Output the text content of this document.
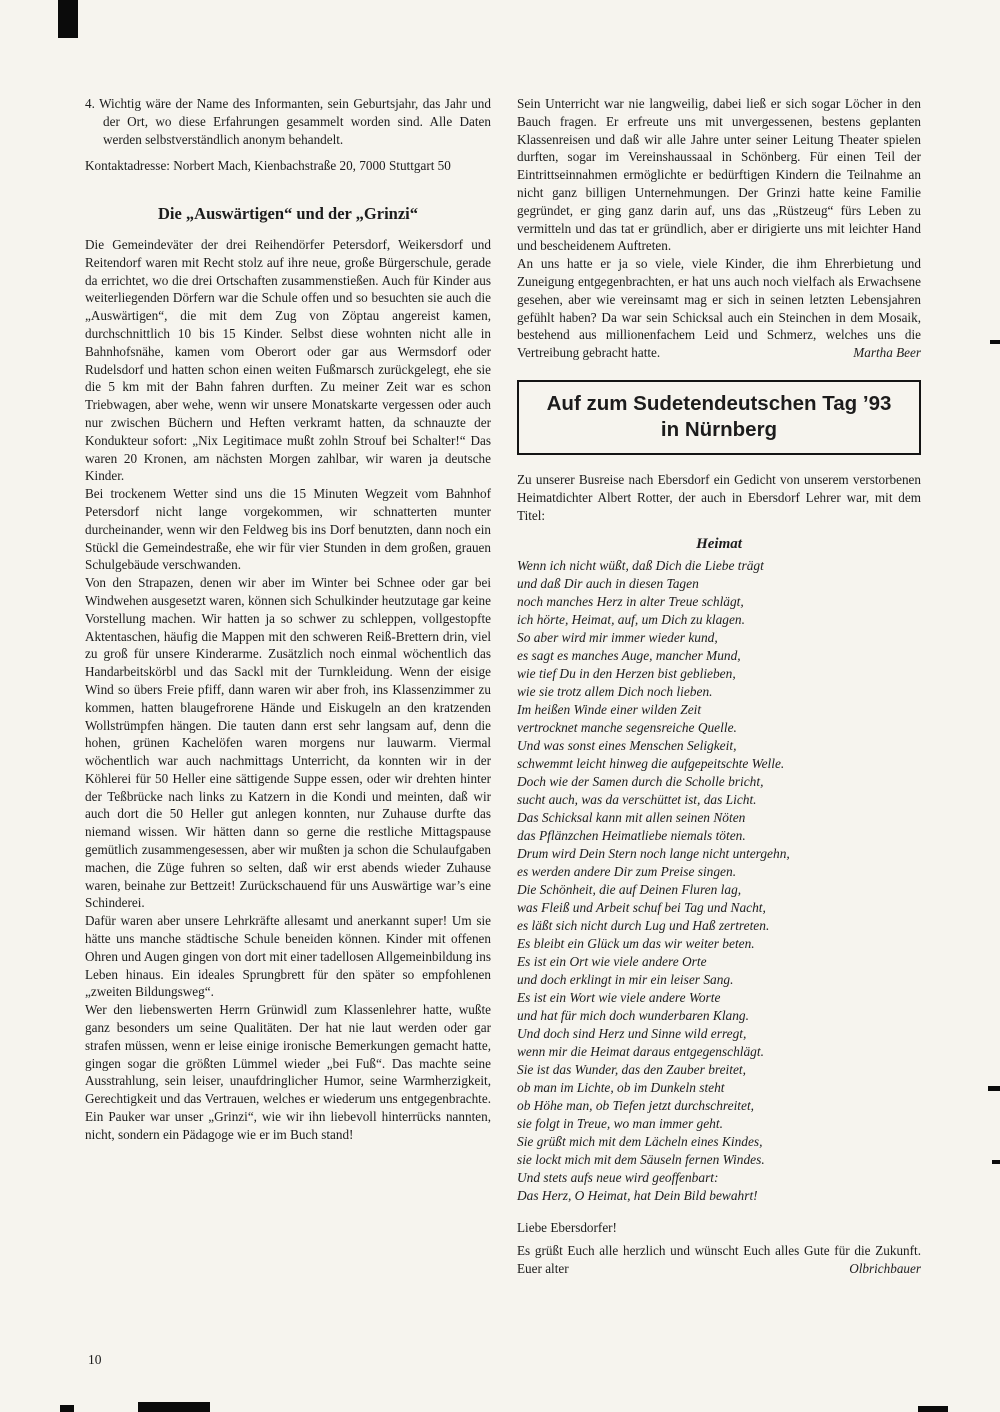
4. Wichtig wäre der Name des Informanten, sein Geburtsjahr, das Jahr und der Ort, wo diese Erfahrungen gesammelt worden sind. Alle Daten werden selbstverständlich anonym behandelt.

Kontaktadresse: Norbert Mach, Kienbachstraße 20, 7000 Stuttgart 50

Die „Auswärtigen“ und der „Grinzi“

Die Gemeindeväter der drei Reihendörfer Petersdorf, Weikersdorf und Reitendorf waren mit Recht stolz auf ihre neue, große Bürgerschule, gerade da errichtet, wo die drei Ortschaften zusammenstießen. Auch für Kinder aus weiterliegenden Dörfern war die Schule offen und so besuchten sie auch die „Auswärtigen“, die mit dem Zug von Zöptau angereist kamen, durchschnittlich 10 bis 15 Kinder. Selbst diese wohnten nicht alle in Bahnhofsnähe, kamen vom Oberort oder gar aus Wermsdorf oder Rudelsdorf und hatten schon einen weiten Fußmarsch zurückgelegt, ehe sie die 5 km mit der Bahn fahren durften. Zu meiner Zeit war es schon Triebwagen, aber wehe, wenn wir unsere Monatskarte vergessen oder auch nur zwischen Büchern und Heften verkramt hatten, da schnauzte der Kondukteur sofort: „Nix Legitimace mußt zohln Strouf bei Schalter!“ Das waren 20 Kronen, am nächsten Morgen zahlbar, wir waren ja deutsche Kinder.

Bei trockenem Wetter sind uns die 15 Minuten Wegzeit vom Bahnhof Petersdorf nicht lange vorgekommen, wir schnatterten munter durcheinander, wenn wir den Feldweg bis ins Dorf benutzten, dann noch ein Stückl die Gemeindestraße, ehe wir für vier Stunden in dem großen, grauen Schulgebäude verschwanden.

Von den Strapazen, denen wir aber im Winter bei Schnee oder gar bei Windwehen ausgesetzt waren, können sich Schulkinder heutzutage gar keine Vorstellung machen. Wir hatten ja so schwer zu schleppen, vollgestopfte Aktentaschen, häufig die Mappen mit den schweren Reiß-Brettern drin, viel zu groß für unsere Kinderarme. Zusätzlich noch einmal wöchentlich das Handarbeitskörbl und das Sackl mit der Turnkleidung. Wenn der eisige Wind so übers Freie pfiff, dann waren wir aber froh, ins Klassenzimmer zu kommen, hatten blaugefrorene Hände und Eiskugeln an den kratzenden Wollstrümpfen hängen. Die tauten dann erst sehr langsam auf, denn die hohen, grünen Kachelöfen waren morgens nur lauwarm. Viermal wöchentlich war auch nachmittags Unterricht, da konnten wir in der Köhlerei für 50 Heller eine sättigende Suppe essen, oder wir drehten hinter der Teßbrücke nach links zu Katzern in die Kondi und meinten, daß wir auch dort die 50 Heller gut anlegen konnten, nur Zuhause durfte das niemand wissen. Wir hätten dann so gerne die restliche Mittagspause gemütlich zusammengesessen, aber wir mußten ja schon die Schulaufgaben machen, die Züge fuhren so selten, daß wir erst abends wieder Zuhause waren, beinahe zur Bettzeit! Zurückschauend für uns Auswärtige war’s eine Schinderei.

Dafür waren aber unsere Lehrkräfte allesamt und anerkannt super! Um sie hätte uns manche städtische Schule beneiden können. Kinder mit offenen Ohren und Augen gingen von dort mit einer tadellosen Allgemeinbildung ins Leben hinaus. Ein ideales Sprungbrett für den später so empfohlenen „zweiten Bildungsweg“.

Wer den liebenswerten Herrn Grünwidl zum Klassenlehrer hatte, wußte ganz besonders um seine Qualitäten. Der hat nie laut werden oder gar strafen müssen, wenn er leise einige ironische Bemerkungen gemacht hatte, gingen sogar die größten Lümmel wieder „bei Fuß“. Das machte seine Ausstrahlung, sein leiser, unaufdringlicher Humor, seine Warmherzigkeit, Gerechtigkeit und das Vertrauen, welches er wiederum uns entgegenbrachte. Ein Pauker war unser „Grinzi“, wie wir ihn liebevoll hinterrücks nannten, nicht, sondern ein Pädagoge wie er im Buch stand!

Sein Unterricht war nie langweilig, dabei ließ er sich sogar Löcher in den Bauch fragen. Er erfreute uns mit unvergessenen, bestens geplanten Klassenreisen und daß wir alle Jahre unter seiner Leitung Theater spielen durften, sogar im Vereinshaussaal in Schönberg. Für einen Teil der Eintrittseinnahmen ermöglichte er bedürftigen Kindern die Teilnahme an nicht ganz billigen Unternehmungen. Der Grinzi hatte keine Familie gegründet, er ging ganz darin auf, uns das „Rüstzeug“ fürs Leben zu vermitteln und das tat er gründlich, aber er dirigierte uns mit leichter Hand und bescheidenem Auftreten.

An uns hatte er ja so viele, viele Kinder, die ihm Ehrerbietung und Zuneigung entgegenbrachten, er hat uns auch noch vielfach als Erwachsene gesehen, aber wie vereinsamt mag er sich in seinen letzten Lebensjahren gefühlt haben? Da war sein Schicksal auch ein Steinchen in dem Mosaik, bestehend aus millionenfachem Leid und Schmerz, welches uns die Vertreibung gebracht hatte.	Martha Beer
Auf zum Sudetendeutschen Tag ’93
in Nürnberg

Zu unserer Busreise nach Ebersdorf ein Gedicht von unserem verstorbenen Heimatdichter Albert Rotter, der auch in Ebersdorf Lehrer war, mit dem Titel:

Heimat
Wenn ich nicht wüßt, daß Dich die Liebe trägt
und daß Dir auch in diesen Tagen
noch manches Herz in alter Treue schlägt,
ich hörte, Heimat, auf, um Dich zu klagen.
So aber wird mir immer wieder kund,
es sagt es manches Auge, mancher Mund,
wie tief Du in den Herzen bist geblieben,
wie sie trotz allem Dich noch lieben.
Im heißen Winde einer wilden Zeit
vertrocknet manche segensreiche Quelle.
Und was sonst eines Menschen Seligkeit,
schwemmt leicht hinweg die aufgepeitschte Welle.
Doch wie der Samen durch die Scholle bricht,
sucht auch, was da verschüttet ist, das Licht.
Das Schicksal kann mit allen seinen Nöten
das Pflänzchen Heimatliebe niemals töten.
Drum wird Dein Stern noch lange nicht untergehn,
es werden andere Dir zum Preise singen.
Die Schönheit, die auf Deinen Fluren lag,
was Fleiß und Arbeit schuf bei Tag und Nacht,
es läßt sich nicht durch Lug und Haß zertreten.
Es bleibt ein Glück um das wir weiter beten.
Es ist ein Ort wie viele andere Orte
und doch erklingt in mir ein leiser Sang.
Es ist ein Wort wie viele andere Worte
und hat für mich doch wunderbaren Klang.
Und doch sind Herz und Sinne wild erregt,
wenn mir die Heimat daraus entgegenschlägt.
Sie ist das Wunder, das den Zauber breitet,
ob man im Lichte, ob im Dunkeln steht
ob Höhe man, ob Tiefen jetzt durchschreitet,
sie folgt in Treue, wo man immer geht.
Sie grüßt mich mit dem Lächeln eines Kindes,
sie lockt mich mit dem Säuseln fernen Windes.
Und stets aufs neue wird geoffenbart:
Das Herz, O Heimat, hat Dein Bild bewahrt!

Liebe Ebersdorfer!

Es grüßt Euch alle herzlich und wünscht Euch alles Gute für die Zukunft. Euer alter	Olbrichbauer
10
